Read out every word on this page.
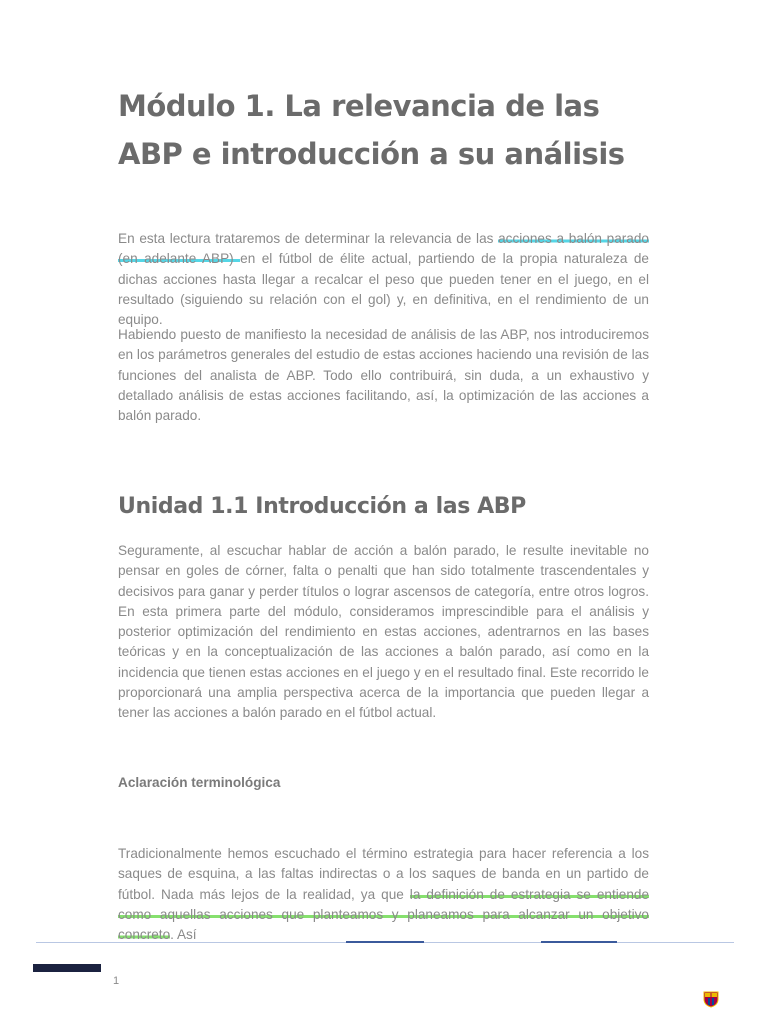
Módulo 1. La relevancia de las ABP e introducción a su análisis

En esta lectura trataremos de determinar la relevancia de las acciones a balón parado (en adelante ABP) en el fútbol de élite actual, partiendo de la propia naturaleza de dichas acciones hasta llegar a recalcar el peso que pueden tener en el juego, en el resultado (siguiendo su relación con el gol) y, en definitiva, en el rendimiento de un equipo.

Habiendo puesto de manifiesto la necesidad de análisis de las ABP, nos introduciremos en los parámetros generales del estudio de estas acciones haciendo una revisión de las funciones del analista de ABP. Todo ello contribuirá, sin duda, a un exhaustivo y detallado análisis de estas acciones facilitando, así, la optimización de las acciones a balón parado.

Unidad 1.1 Introducción a las ABP

Seguramente, al escuchar hablar de acción a balón parado, le resulte inevitable no pensar en goles de córner, falta o penalti que han sido totalmente trascendentales y decisivos para ganar y perder títulos o lograr ascensos de categoría, entre otros logros. En esta primera parte del módulo, consideramos imprescindible para el análisis y posterior optimización del rendimiento en estas acciones, adentrarnos en las bases teóricas y en la conceptualización de las acciones a balón parado, así como en la incidencia que tienen estas acciones en el juego y en el resultado final. Este recorrido le proporcionará una amplia perspectiva acerca de la importancia que pueden llegar a tener las acciones a balón parado en el fútbol actual.

Aclaración terminológica

Tradicionalmente hemos escuchado el término estrategia para hacer referencia a los saques de esquina, a las faltas indirectas o a los saques de banda en un partido de fútbol. Nada más lejos de la realidad, ya que la definición de estrategia se entiende como aquellas acciones que planteamos y planeamos para alcanzar un objetivo concreto. Así

1
